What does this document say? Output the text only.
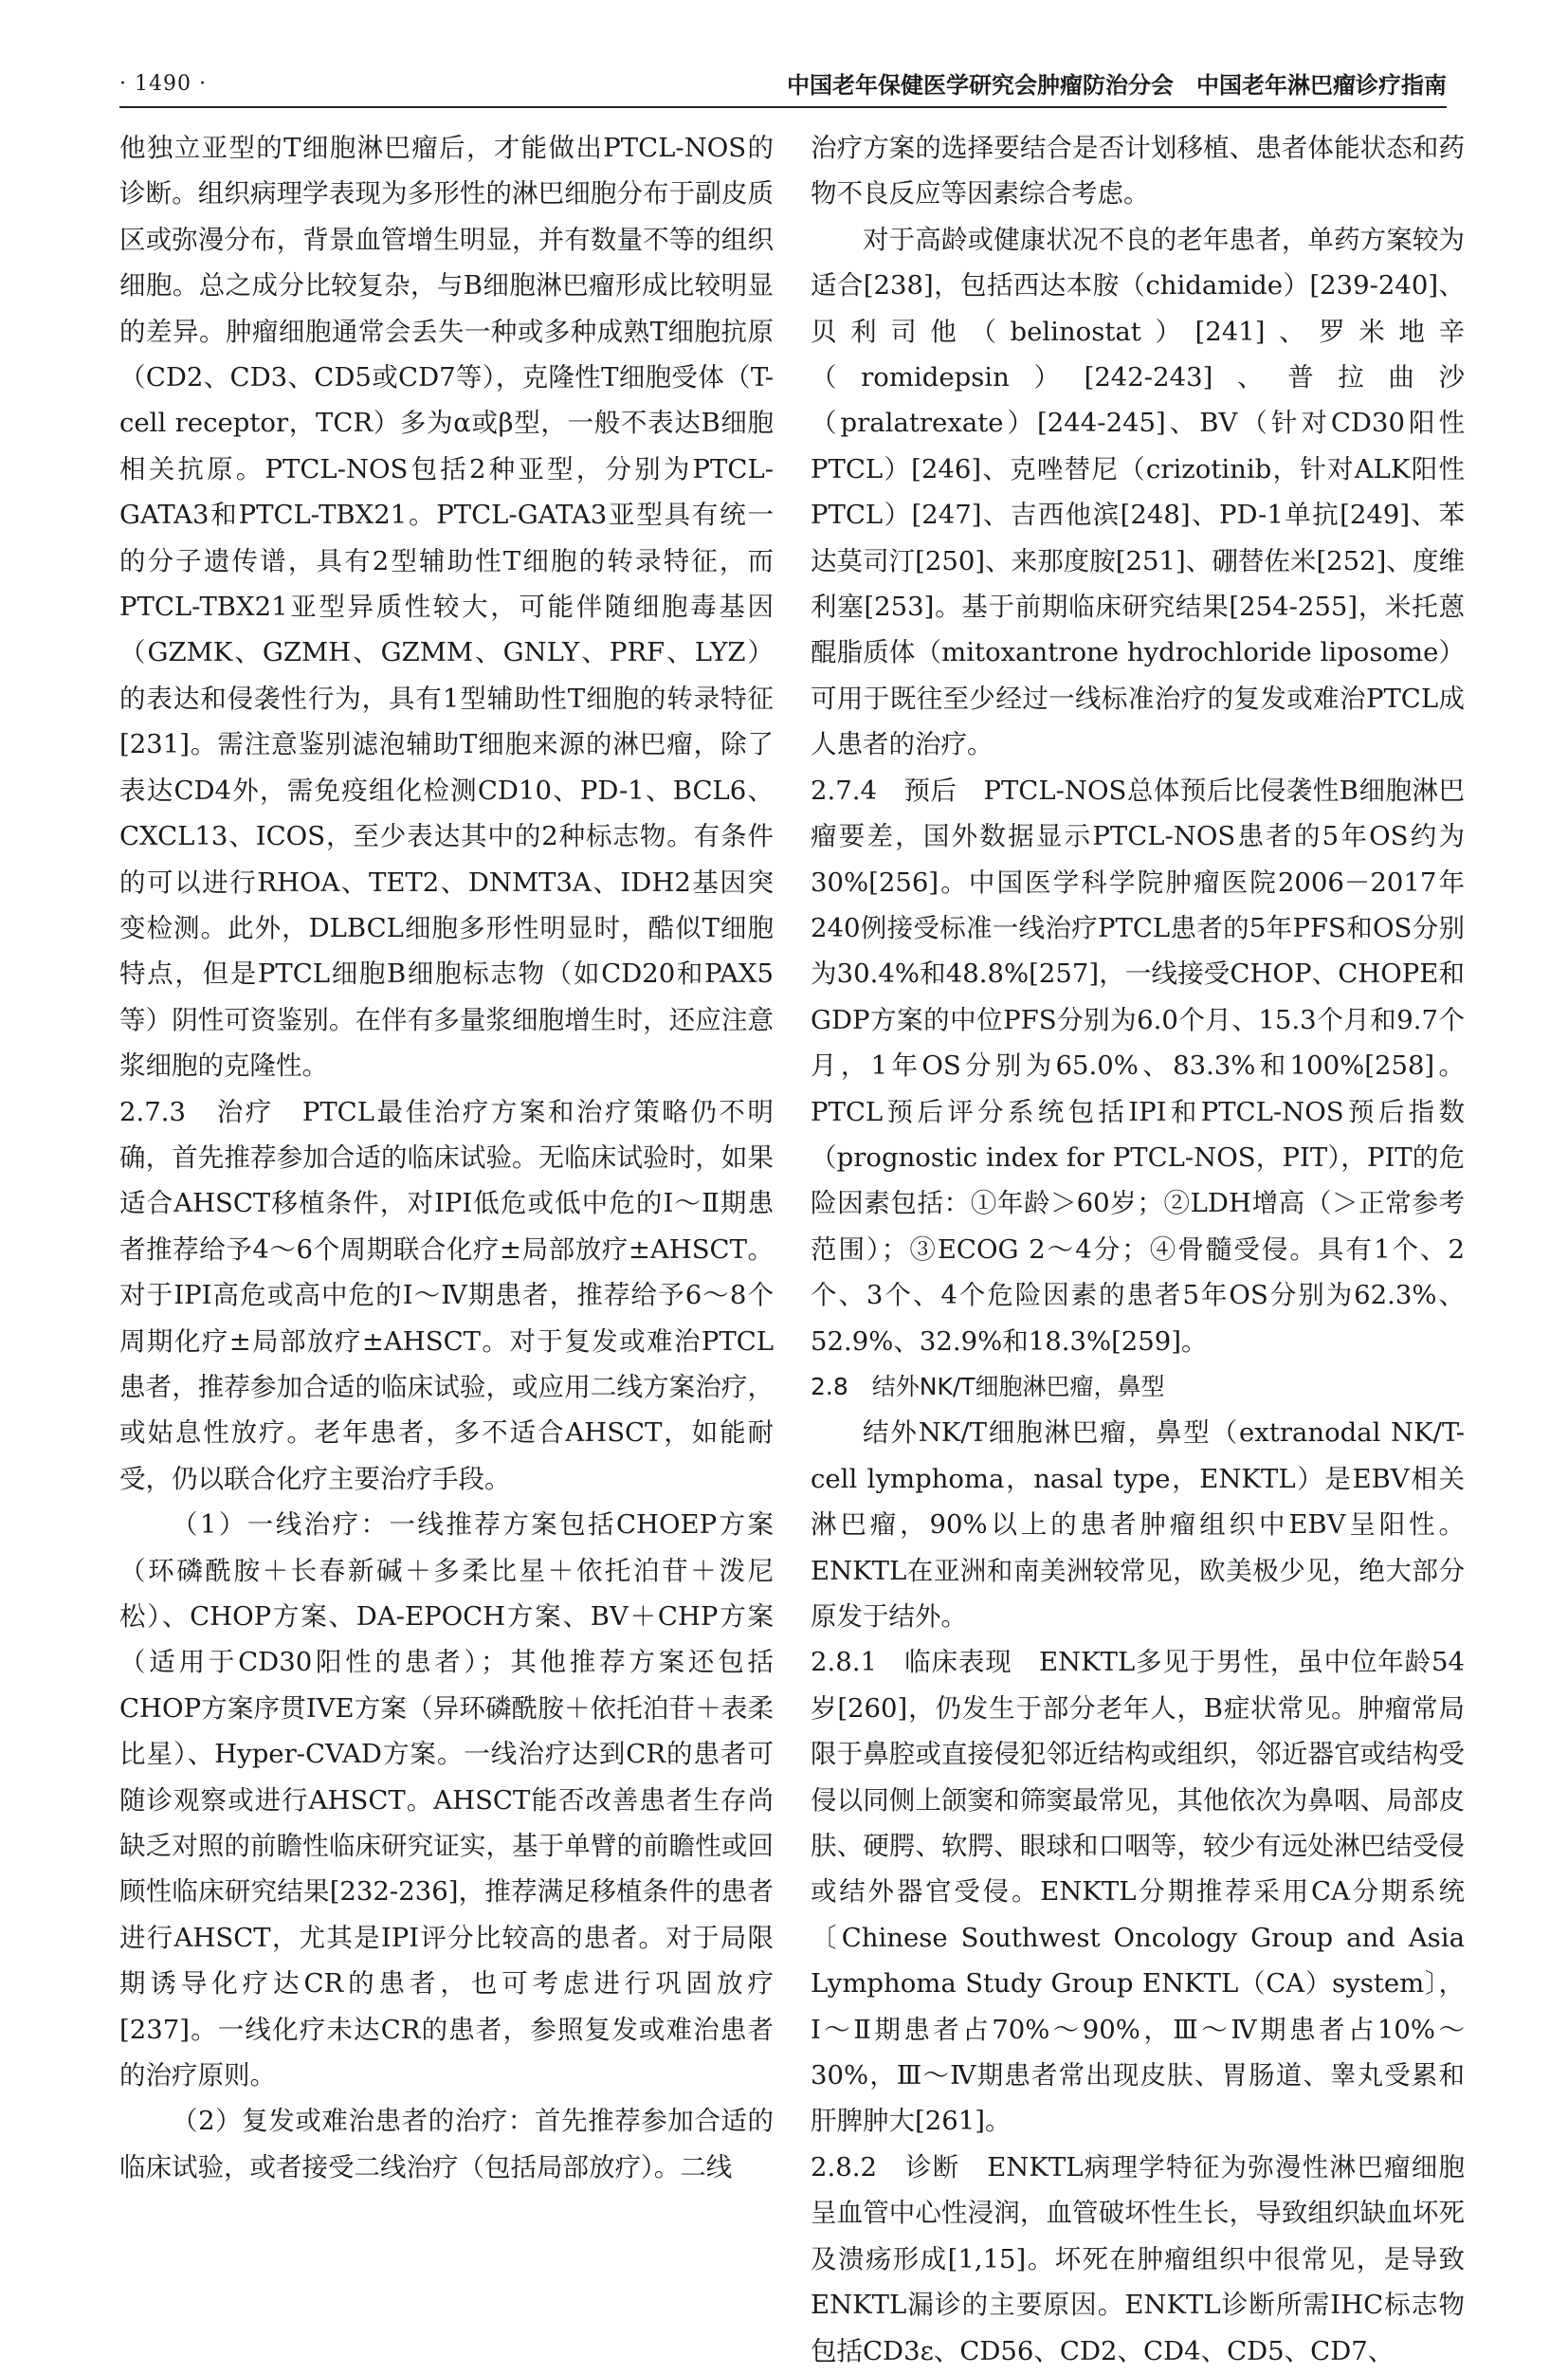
· 1490 ·	中国老年保健医学研究会肿瘤防治分会　中国老年淋巴瘤诊疗指南

他独立亚型的T细胞淋巴瘤后，才能做出PTCL-NOS的诊断。组织病理学表现为多形性的淋巴细胞分布于副皮质区或弥漫分布，背景血管增生明显，并有数量不等的组织细胞。总之成分比较复杂，与B细胞淋巴瘤形成比较明显的差异。肿瘤细胞通常会丢失一种或多种成熟T细胞抗原（CD2、CD3、CD5或CD7等），克隆性T细胞受体（T-cell receptor，TCR）多为α或β型，一般不表达B细胞相关抗原。PTCL-NOS包括2种亚型，分别为PTCL-GATA3和PTCL-TBX21。PTCL-GATA3亚型具有统一的分子遗传谱，具有2型辅助性T细胞的转录特征，而PTCL-TBX21亚型异质性较大，可能伴随细胞毒基因（GZMK、GZMH、GZMM、GNLY、PRF、LYZ）的表达和侵袭性行为，具有1型辅助性T细胞的转录特征[231]。需注意鉴别滤泡辅助T细胞来源的淋巴瘤，除了表达CD4外，需免疫组化检测CD10、PD-1、BCL6、CXCL13、ICOS，至少表达其中的2种标志物。有条件的可以进行RHOA、TET2、DNMT3A、IDH2基因突变检测。此外，DLBCL细胞多形性明显时，酷似T细胞特点，但是PTCL细胞B细胞标志物（如CD20和PAX5等）阴性可资鉴别。在伴有多量浆细胞增生时，还应注意浆细胞的克隆性。

2.7.3　治疗　PTCL最佳治疗方案和治疗策略仍不明确，首先推荐参加合适的临床试验。无临床试验时，如果适合AHSCT移植条件，对IPI低危或低中危的Ⅰ～Ⅱ期患者推荐给予4～6个周期联合化疗±局部放疗±AHSCT。对于IPI高危或高中危的Ⅰ～Ⅳ期患者，推荐给予6～8个周期化疗±局部放疗±AHSCT。对于复发或难治PTCL患者，推荐参加合适的临床试验，或应用二线方案治疗，或姑息性放疗。老年患者，多不适合AHSCT，如能耐受，仍以联合化疗主要治疗手段。

（1）一线治疗：一线推荐方案包括CHOEP方案（环磷酰胺＋长春新碱＋多柔比星＋依托泊苷＋泼尼松）、CHOP方案、DA-EPOCH方案、BV＋CHP方案（适用于CD30阳性的患者）；其他推荐方案还包括CHOP方案序贯IVE方案（异环磷酰胺＋依托泊苷＋表柔比星）、Hyper-CVAD方案。一线治疗达到CR的患者可随诊观察或进行AHSCT。AHSCT能否改善患者生存尚缺乏对照的前瞻性临床研究证实，基于单臂的前瞻性或回顾性临床研究结果[232-236]，推荐满足移植条件的患者进行AHSCT，尤其是IPI评分比较高的患者。对于局限期诱导化疗达CR的患者，也可考虑进行巩固放疗[237]。一线化疗未达CR的患者，参照复发或难治患者的治疗原则。

（2）复发或难治患者的治疗：首先推荐参加合适的临床试验，或者接受二线治疗（包括局部放疗）。二线

治疗方案的选择要结合是否计划移植、患者体能状态和药物不良反应等因素综合考虑。

对于高龄或健康状况不良的老年患者，单药方案较为适合[238]，包括西达本胺（chidamide）[239-240]、贝利司他（belinostat）[241]、罗米地辛（romidepsin）[242-243]、普拉曲沙（pralatrexate）[244-245]、BV（针对CD30阳性PTCL）[246]、克唑替尼（crizotinib，针对ALK阳性PTCL）[247]、吉西他滨[248]、PD-1单抗[249]、苯达莫司汀[250]、来那度胺[251]、硼替佐米[252]、度维利塞[253]。基于前期临床研究结果[254-255]，米托蒽醌脂质体（mitoxantrone hydrochloride liposome）可用于既往至少经过一线标准治疗的复发或难治PTCL成人患者的治疗。

2.7.4　预后　PTCL-NOS总体预后比侵袭性B细胞淋巴瘤要差，国外数据显示PTCL-NOS患者的5年OS约为30%[256]。中国医学科学院肿瘤医院2006－2017年240例接受标准一线治疗PTCL患者的5年PFS和OS分别为30.4%和48.8%[257]，一线接受CHOP、CHOPE和GDP方案的中位PFS分别为6.0个月、15.3个月和9.7个月，1年OS分别为65.0%、83.3%和100%[258]。PTCL预后评分系统包括IPI和PTCL-NOS预后指数（prognostic index for PTCL-NOS，PIT），PIT的危险因素包括：①年龄＞60岁；②LDH增高（＞正常参考范围）；③ECOG 2～4分；④骨髓受侵。具有1个、2个、3个、4个危险因素的患者5年OS分别为62.3%、52.9%、32.9%和18.3%[259]。

2.8　结外NK/T细胞淋巴瘤，鼻型

结外NK/T细胞淋巴瘤，鼻型（extranodal NK/T-cell lymphoma，nasal type，ENKTL）是EBV相关淋巴瘤，90%以上的患者肿瘤组织中EBV呈阳性。ENKTL在亚洲和南美洲较常见，欧美极少见，绝大部分原发于结外。

2.8.1　临床表现　ENKTL多见于男性，虽中位年龄54岁[260]，仍发生于部分老年人，B症状常见。肿瘤常局限于鼻腔或直接侵犯邻近结构或组织，邻近器官或结构受侵以同侧上颌窦和筛窦最常见，其他依次为鼻咽、局部皮肤、硬腭、软腭、眼球和口咽等，较少有远处淋巴结受侵或结外器官受侵。ENKTL分期推荐采用CA分期系统〔Chinese Southwest Oncology Group and Asia Lymphoma Study Group ENKTL（CA）system〕，Ⅰ～Ⅱ期患者占70%～90%，Ⅲ～Ⅳ期患者占10%～30%，Ⅲ～Ⅳ期患者常出现皮肤、胃肠道、睾丸受累和肝脾肿大[261]。

2.8.2　诊断　ENKTL病理学特征为弥漫性淋巴瘤细胞呈血管中心性浸润，血管破坏性生长，导致组织缺血坏死及溃疡形成[1,15]。坏死在肿瘤组织中很常见，是导致ENKTL漏诊的主要原因。ENKTL诊断所需IHC标志物包括CD3ε、CD56、CD2、CD4、CD5、CD7、
